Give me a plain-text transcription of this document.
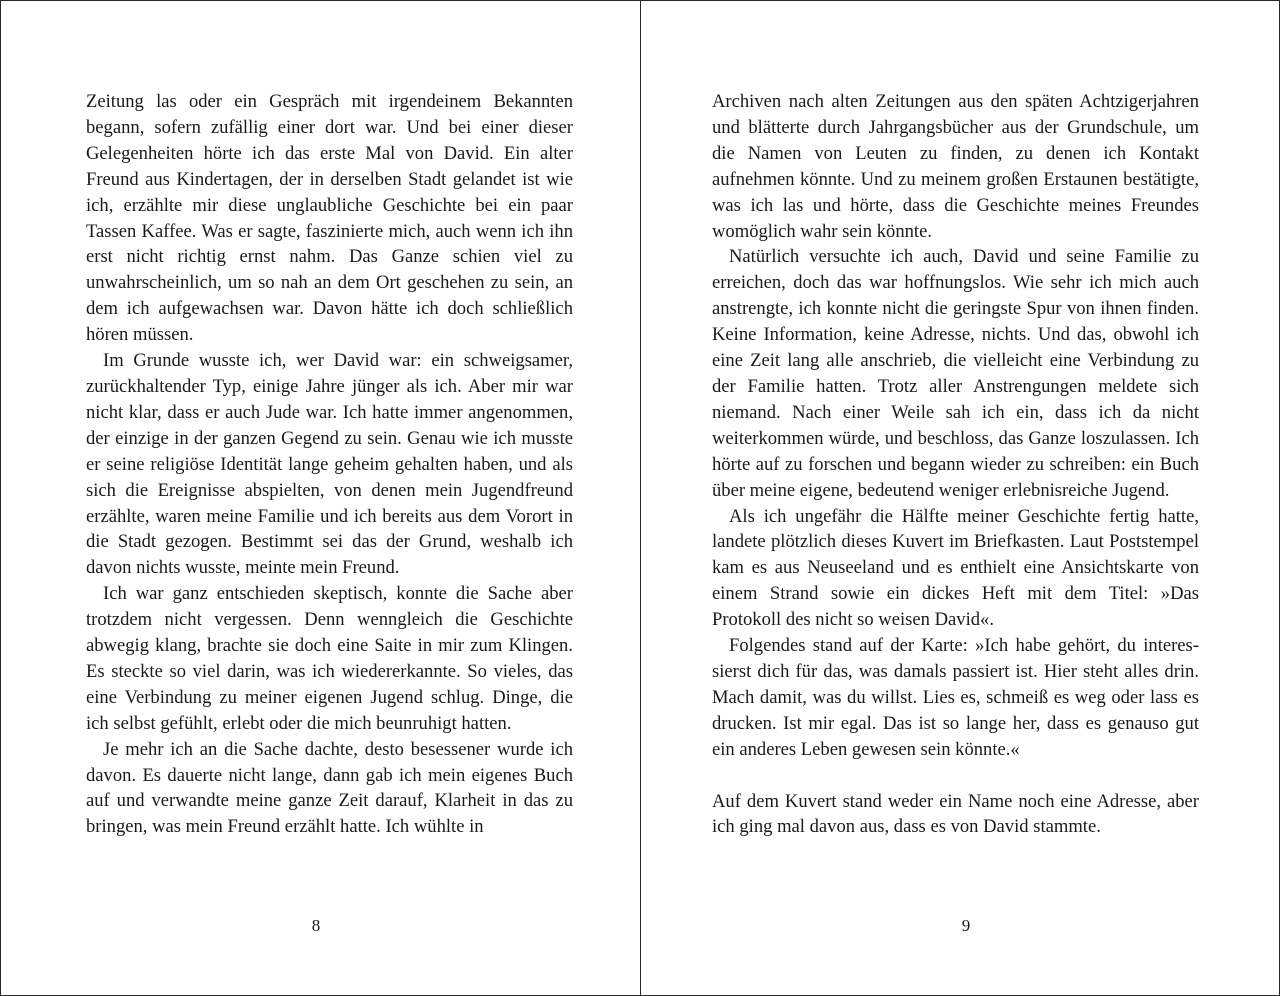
Zeitung las oder ein Gespräch mit irgendeinem Bekannten begann, sofern zufällig einer dort war. Und bei einer dieser Gelegenheiten hörte ich das erste Mal von David. Ein alter Freund aus Kindertagen, der in derselben Stadt gelandet ist wie ich, erzählte mir diese unglaubliche Geschichte bei ein paar Tassen Kaffee. Was er sagte, faszinierte mich, auch wenn ich ihn erst nicht richtig ernst nahm. Das Ganze schien viel zu unwahrscheinlich, um so nah an dem Ort geschehen zu sein, an dem ich aufgewachsen war. Davon hätte ich doch schließlich hören müssen.

Im Grunde wusste ich, wer David war: ein schweigsamer, zurückhaltender Typ, einige Jahre jünger als ich. Aber mir war nicht klar, dass er auch Jude war. Ich hatte immer angenommen, der einzige in der ganzen Gegend zu sein. Genau wie ich musste er seine religiöse Identität lange geheim gehalten haben, und als sich die Ereignisse abspielten, von denen mein Jugendfreund erzählte, waren meine Familie und ich bereits aus dem Vorort in die Stadt gezogen. Bestimmt sei das der Grund, weshalb ich davon nichts wusste, meinte mein Freund.

Ich war ganz entschieden skeptisch, konnte die Sache aber trotzdem nicht vergessen. Denn wenngleich die Geschichte abwegig klang, brachte sie doch eine Saite in mir zum Klingen. Es steckte so viel darin, was ich wiedererkannte. So vieles, das eine Verbindung zu meiner eigenen Jugend schlug. Dinge, die ich selbst gefühlt, erlebt oder die mich beunruhigt hatten.

Je mehr ich an die Sache dachte, desto besessener wurde ich davon. Es dauerte nicht lange, dann gab ich mein eigenes Buch auf und verwandte meine ganze Zeit darauf, Klarheit in das zu bringen, was mein Freund erzählt hatte. Ich wühlte in

8

Archiven nach alten Zeitungen aus den späten Achtzigerjahren und blätterte durch Jahrgangsbücher aus der Grundschule, um die Namen von Leuten zu finden, zu denen ich Kontakt aufnehmen könnte. Und zu meinem großen Erstaunen bestätigte, was ich las und hörte, dass die Geschichte meines Freundes womöglich wahr sein könnte.

Natürlich versuchte ich auch, David und seine Familie zu erreichen, doch das war hoffnungslos. Wie sehr ich mich auch anstrengte, ich konnte nicht die geringste Spur von ihnen finden. Keine Information, keine Adresse, nichts. Und das, obwohl ich eine Zeit lang alle anschrieb, die vielleicht eine Verbindung zu der Familie hatten. Trotz aller Anstrengungen meldete sich niemand. Nach einer Weile sah ich ein, dass ich da nicht weiterkommen würde, und beschloss, das Ganze loszulassen. Ich hörte auf zu forschen und begann wieder zu schreiben: ein Buch über meine eigene, bedeutend weniger erlebnisreiche Jugend.

Als ich ungefähr die Hälfte meiner Geschichte fertig hatte, landete plötzlich dieses Kuvert im Briefkasten. Laut Poststempel kam es aus Neuseeland und es enthielt eine Ansichtskarte von einem Strand sowie ein dickes Heft mit dem Titel: »Das Protokoll des nicht so weisen David«.

Folgendes stand auf der Karte: »Ich habe gehört, du interessierst dich für das, was damals passiert ist. Hier steht alles drin. Mach damit, was du willst. Lies es, schmeiß es weg oder lass es drucken. Ist mir egal. Das ist so lange her, dass es genauso gut ein anderes Leben gewesen sein könnte.«

Auf dem Kuvert stand weder ein Name noch eine Adresse, aber ich ging mal davon aus, dass es von David stammte.

9
